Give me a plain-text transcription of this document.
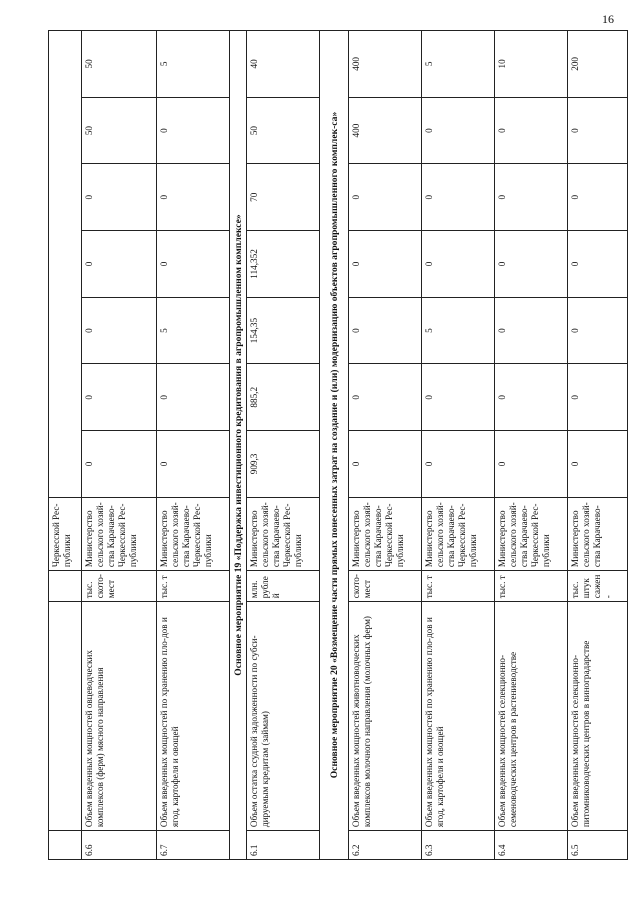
16
			Черкесской Рес-публики							
6.6	Объем введенных мощностей овцеводческих комплексов (ферм) мясного направления	тыс. ското-мест	Министерство сельского хозяй-ства Карачаево-Черкесской Рес-публики	0	0	0	0	0	50	50
6.7	Объем введенных мощностей по хранению пло-дов и ягод, картофеля и овощей	тыс. т	Министерство сельского хозяй-ства Карачаево-Черкесской Рес-публики	0	0	5	0	0	0	5
Основное мероприятие 19 «Поддержка инвестиционного кредитования в агропромышленном комплексе»										
6.1	Объем остатка ссудной задолженности по субси-дируемым кредитам (займам)	млн. рублей	Министерство сельского хозяй-ства Карачаево-Черкесской Рес-публики	909,3	885,2	154,35	114,352	70	50	40
Основное мероприятие 20 «Возмещение части прямых понесенных затрат на создание и (или) модернизацию объектов агропромышленного комплек-са»										
6.2	Объем введенных мощностей животноводческих комплексов молочного направления (молочных ферм)	ското-мест	Министерство сельского хозяй-ства Карачаево-Черкесской Рес-публики	0	0	0	0	0	400	400
6.3	Объем введенных мощностей по хранению пло-дов и ягод, картофеля и овощей	тыс. т	Министерство сельского хозяй-ства Карачаево-Черкесской Рес-публики	0	0	5	0	0	0	5
6.4	Объем введенных мощностей селекционно-семеноводческих центров в растениеводстве	тыс. т	Министерство сельского хозяй-ства Карачаево-Черкесской Рес-публики	0	0	0	0	0	0	10
6.5	Объем введенных мощностей селекционно-питомниководческих центров в виноградарстве	тыс. штук сажен-	Министерство сельского хозяй-ства Карачаево-	0	0	0	0	0	0	200
